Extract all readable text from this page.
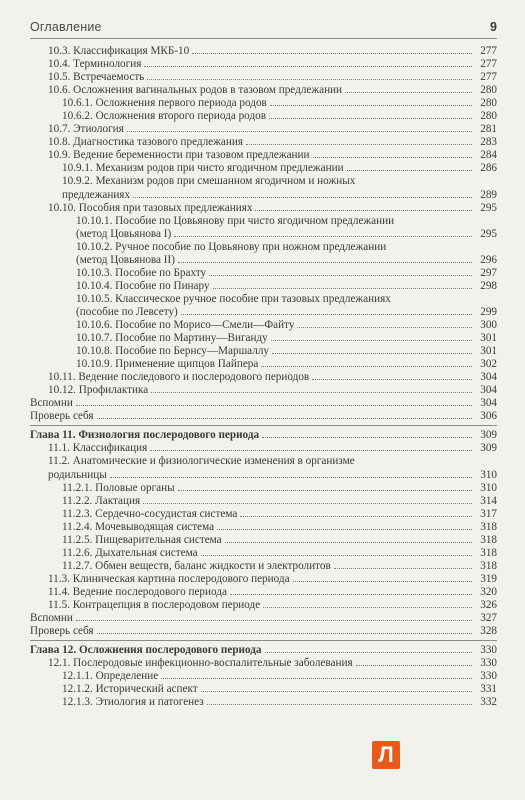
Оглавление	9
10.3. Классификация МКБ-10	277
10.4. Терминология	277
10.5. Встречаемость	277
10.6. Осложнения вагинальных родов в тазовом предлежании	280
10.6.1. Осложнения первого периода родов	280
10.6.2. Осложнения второго периода родов	280
10.7. Этиология	281
10.8. Диагностика тазового предлежания	283
10.9. Ведение беременности при тазовом предлежании	284
10.9.1. Механизм родов при чисто ягодичном предлежании	286
10.9.2. Механизм родов при смешанном ягодичном и ножных
предлежаниях	289
10.10. Пособия при тазовых предлежаниях	295
10.10.1. Пособие по Цовьянову при чисто ягодичном предлежании
(метод Цовьянова I)	295
10.10.2. Ручное пособие по Цовьянову при ножном предлежании
(метод Цовьянова II)	296
10.10.3. Пособие по Брахту	297
10.10.4. Пособие по Пинару	298
10.10.5. Классическое ручное пособие при тазовых предлежаниях
(пособие по Левсету)	299
10.10.6. Пособие по Морисо—Смели—Файту	300
10.10.7. Пособие по Мартину—Виганду	301
10.10.8. Пособие по Бернсу—Маршаллу	301
10.10.9. Применение щипцов Пайпера	302
10.11. Ведение последового и послеродового периодов	304
10.12. Профилактика	304
Вспомни	304
Проверь себя	306
Глава 11. Физиология послеродового периода	309
11.1. Классификация	309
11.2. Анатомические и физиологические изменения в организме
родильницы	310
11.2.1. Половые органы	310
11.2.2. Лактация	314
11.2.3. Сердечно-сосудистая система	317
11.2.4. Мочевыводящая система	318
11.2.5. Пищеварительная система	318
11.2.6. Дыхательная система	318
11.2.7. Обмен веществ, баланс жидкости и электролитов	318
11.3. Клиническая картина послеродового периода	319
11.4. Ведение послеродового периода	320
11.5. Контрацепция в послеродовом периоде	326
Вспомни	327
Проверь себя	328
Глава 12. Осложнения послеродового периода	330
12.1. Послеродовые инфекционно-воспалительные заболевания	330
12.1.1. Определение	330
12.1.2. Исторический аспект	331
12.1.3. Этиология и патогенез	332
Л
